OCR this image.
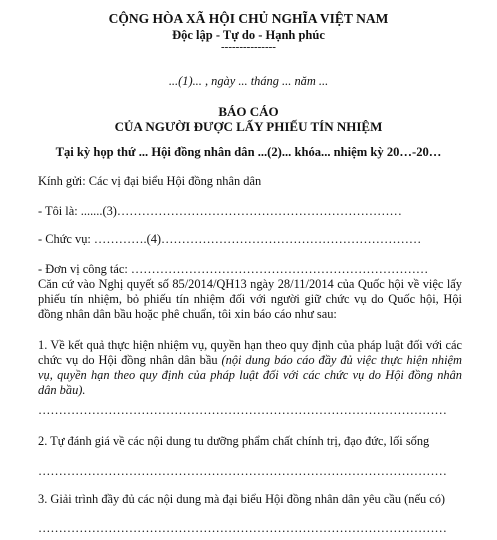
CỘNG HÒA XÃ HỘI CHỦ NGHĨA VIỆT NAM
Độc lập - Tự do - Hạnh phúc
---------------
...(1)... , ngày ... tháng ... năm ...
BÁO CÁO
CỦA NGƯỜI ĐƯỢC LẤY PHIẾU TÍN NHIỆM
Tại kỳ họp thứ ... Hội đồng nhân dân ...(2)... khóa... nhiệm kỳ 20…-20…
Kính gửi: Các vị đại biểu Hội đồng nhân dân
- Tôi là: .......(3)……………………………………………………………
- Chức vụ: ………….(4)………………………………………………………
- Đơn vị công tác: ………………………………………………………………
Căn cứ vào Nghị quyết số 85/2014/QH13 ngày 28/11/2014 của Quốc hội về việc lấy phiếu tín nhiệm, bỏ phiếu tín nhiệm đối với người giữ chức vụ do Quốc hội, Hội đồng nhân dân bầu hoặc phê chuẩn, tôi xin báo cáo như sau:
1. Về kết quả thực hiện nhiệm vụ, quyền hạn theo quy định của pháp luật đối với các chức vụ do Hội đồng nhân dân bầu (nội dung báo cáo đầy đủ việc thực hiện nhiệm vụ, quyền hạn theo quy định của pháp luật đối với các chức vụ do Hội đồng nhân dân bầu).
………………………………………………………………………………………
2. Tự đánh giá về các nội dung tu dưỡng phẩm chất chính trị, đạo đức, lối sống
………………………………………………………………………………………
3. Giải trình đầy đủ các nội dung mà đại biểu Hội đồng nhân dân yêu cầu (nếu có)
………………………………………………………………………………………
